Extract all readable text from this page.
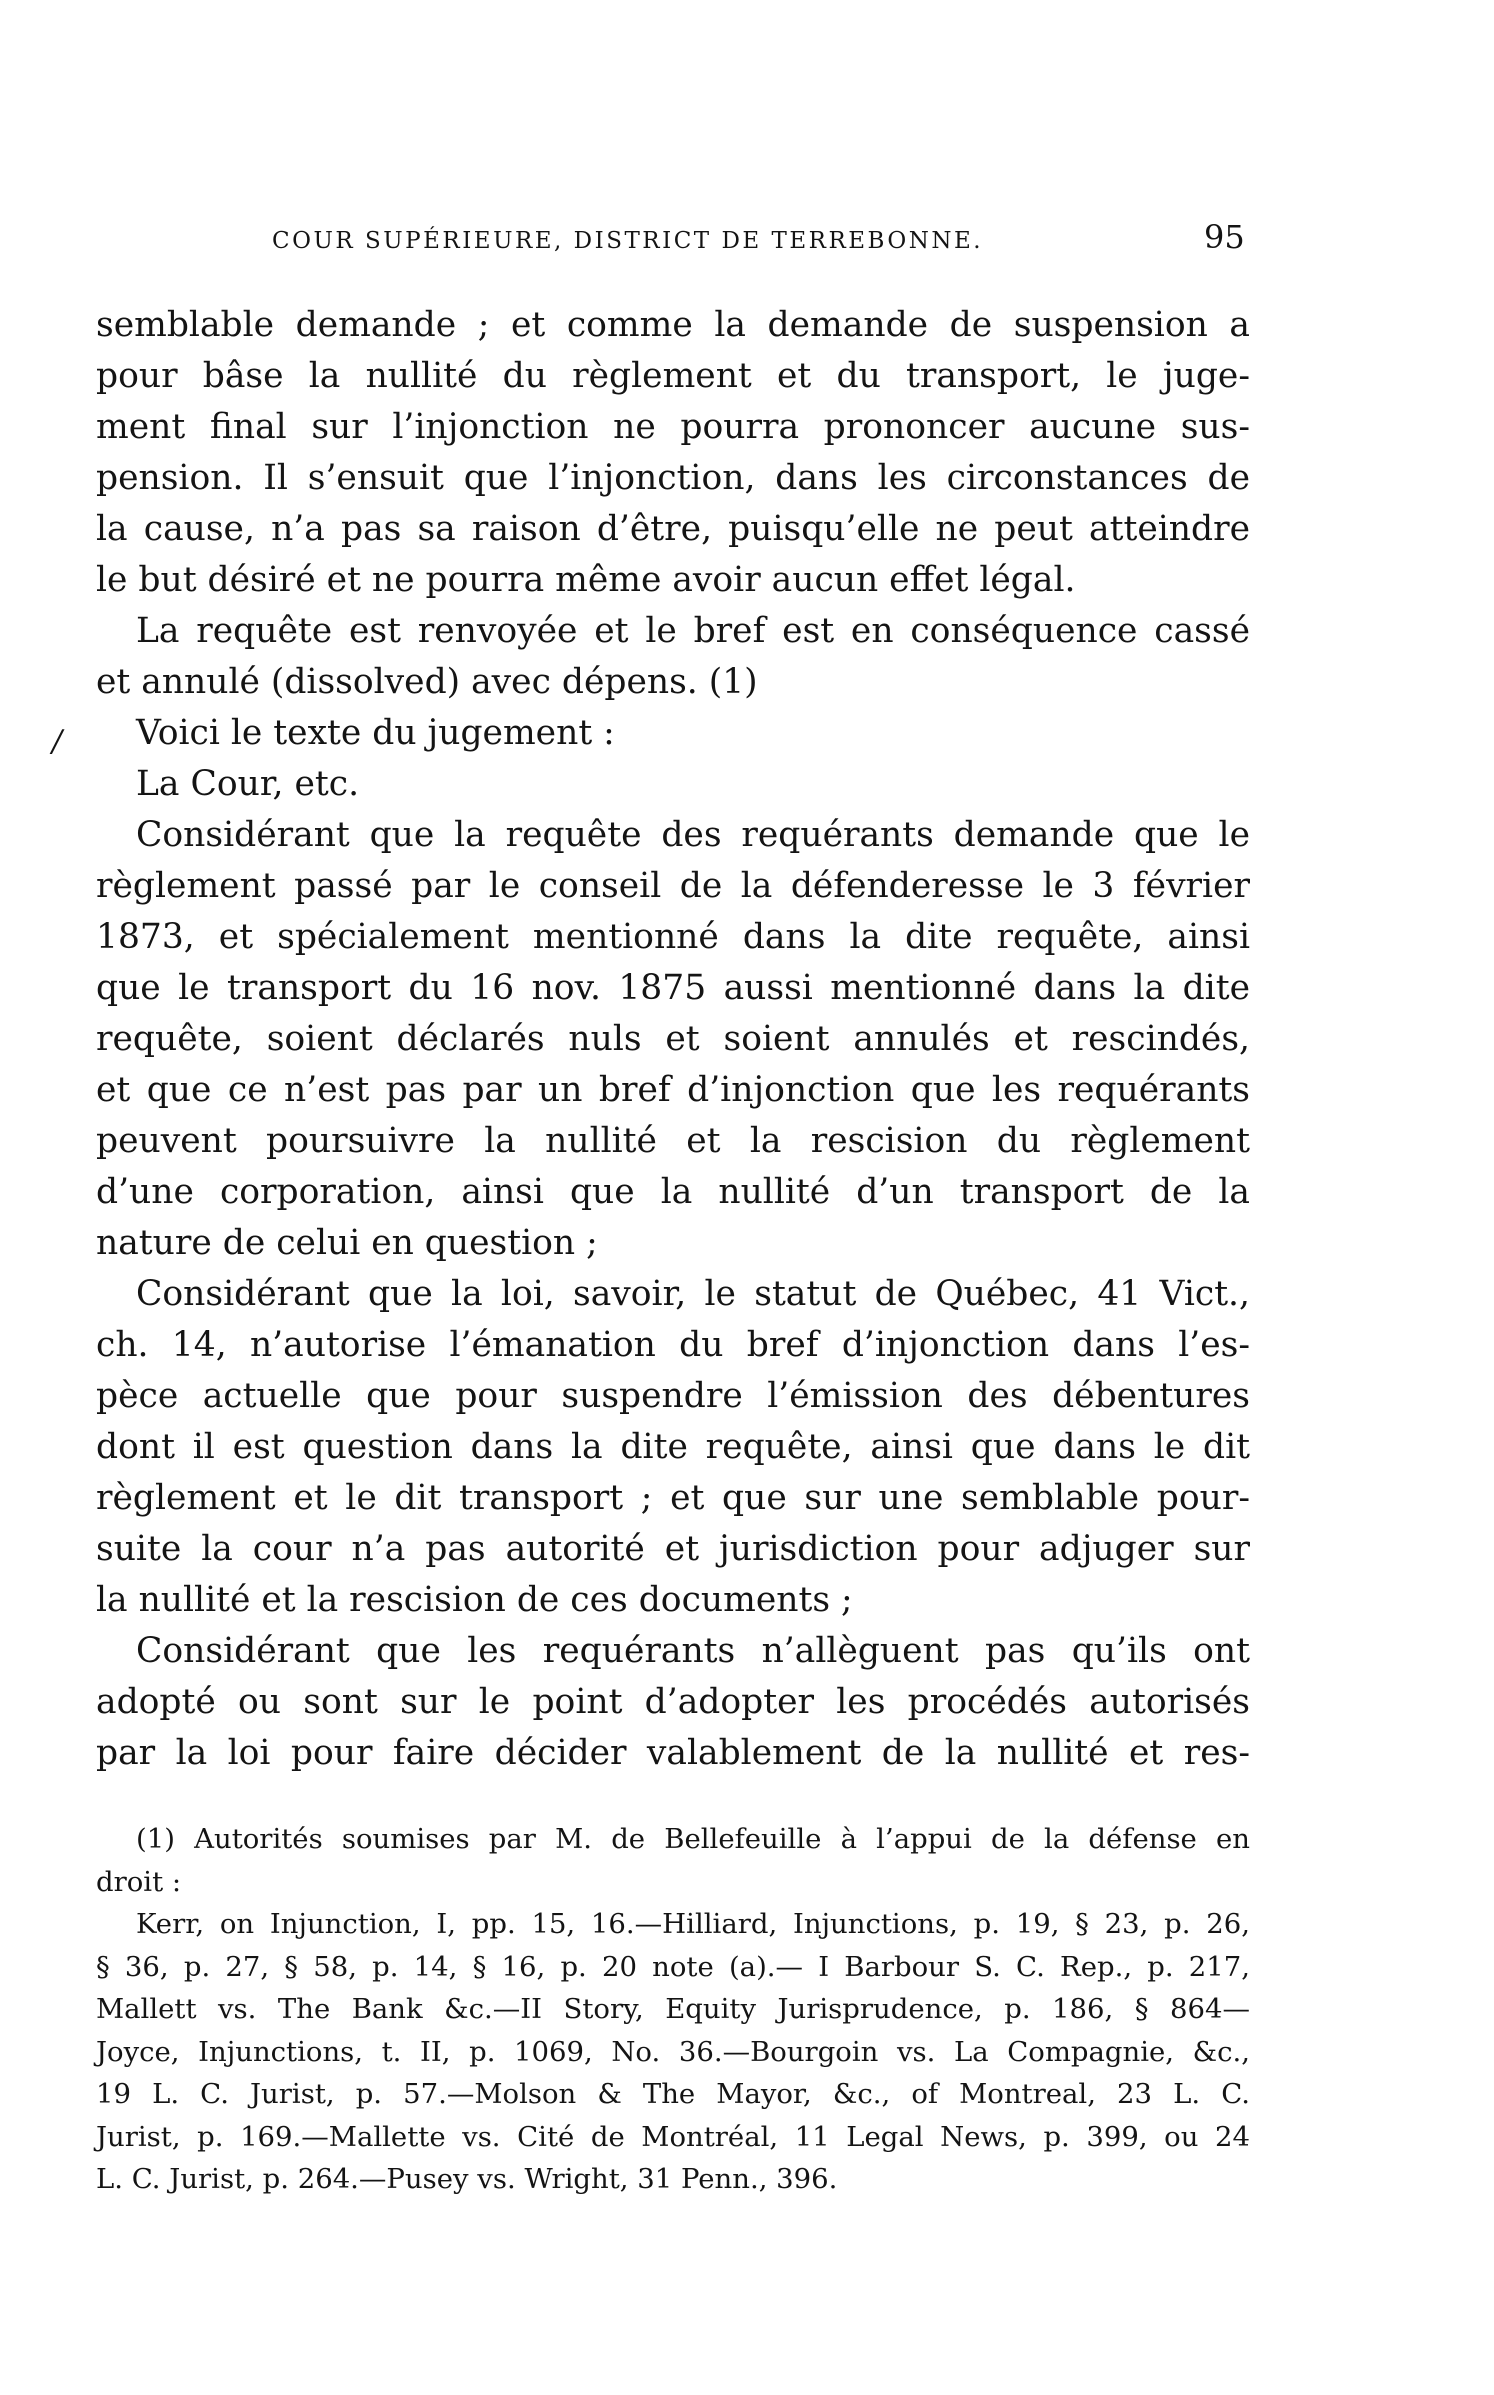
COUR SUPÉRIEURE, DISTRICT DE TERREBONNE.	95
/
semblable demande ; et comme la demande de suspension a
pour bâse la nullité du règlement et du transport, le juge-
ment final sur l’injonction ne pourra prononcer aucune sus-
pension. Il s’ensuit que l’injonction, dans les circonstances de
la cause, n’a pas sa raison d’être, puisqu’elle ne peut atteindre
le but désiré et ne pourra même avoir aucun effet légal.
La requête est renvoyée et le bref est en conséquence cassé
et annulé (dissolved) avec dépens. (1)
Voici le texte du jugement :
La Cour, etc.
Considérant que la requête des requérants demande que le
règlement passé par le conseil de la défenderesse le 3 février
1873, et spécialement mentionné dans la dite requête, ainsi
que le transport du 16 nov. 1875 aussi mentionné dans la dite
requête, soient déclarés nuls et soient annulés et rescindés,
et que ce n’est pas par un bref d’injonction que les requérants
peuvent poursuivre la nullité et la rescision du règlement
d’une corporation, ainsi que la nullité d’un transport de la
nature de celui en question ;
Considérant que la loi, savoir, le statut de Québec, 41 Vict.,
ch. 14, n’autorise l’émanation du bref d’injonction dans l’es-
pèce actuelle que pour suspendre l’émission des débentures
dont il est question dans la dite requête, ainsi que dans le dit
règlement et le dit transport ; et que sur une semblable pour-
suite la cour n’a pas autorité et jurisdiction pour adjuger sur
la nullité et la rescision de ces documents ;
Considérant que les requérants n’allèguent pas qu’ils ont
adopté ou sont sur le point d’adopter les procédés autorisés
par la loi pour faire décider valablement de la nullité et res-
(1) Autorités soumises par M. de Bellefeuille à l’appui de la défense en
droit :
Kerr, on Injunction, I, pp. 15, 16.—Hilliard, Injunctions, p. 19, § 23, p. 26,
§ 36, p. 27, § 58, p. 14, § 16, p. 20 note (a).— I Barbour S. C. Rep., p. 217,
Mallett vs. The Bank &c.—II Story, Equity Jurisprudence, p. 186, § 864—
Joyce, Injunctions, t. II, p. 1069, No. 36.—Bourgoin vs. La Compagnie, &c.,
19 L. C. Jurist, p. 57.—Molson & The Mayor, &c., of Montreal, 23 L. C.
Jurist, p. 169.—Mallette vs. Cité de Montréal, 11 Legal News, p. 399, ou 24
L. C. Jurist, p. 264.—Pusey vs. Wright, 31 Penn., 396.
